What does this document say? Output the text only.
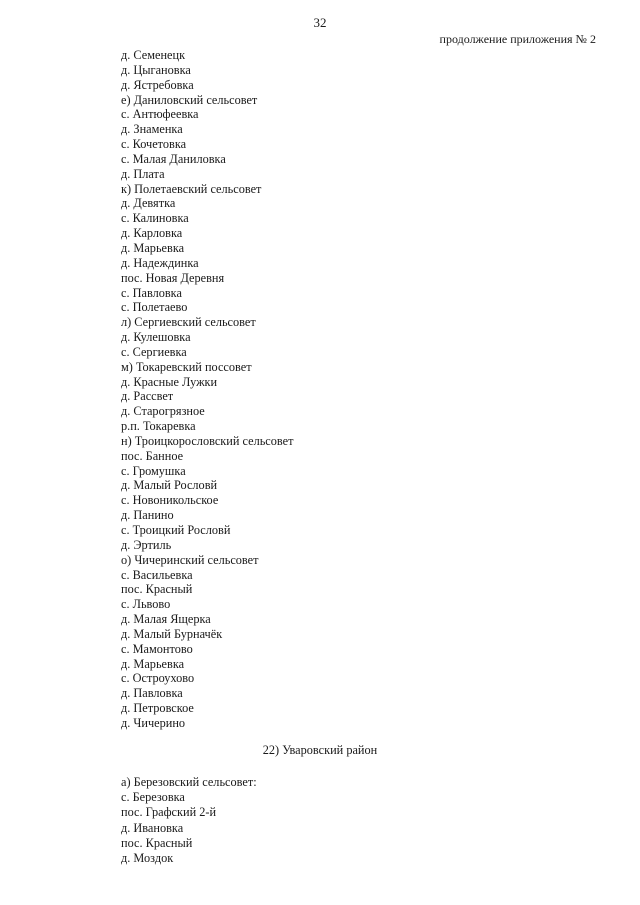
32
продолжение приложения № 2
д. Семенецк
д. Цыгановка
д. Ястребовка
е) Даниловский сельсовет
с. Антюфеевка
д. Знаменка
с. Кочетовка
с. Малая Даниловка
д. Плата
к) Полетаевский сельсовет
д. Девятка
с. Калиновка
д. Карловка
д. Марьевка
д. Надеждинка
пос. Новая Деревня
с. Павловка
с. Полетаево
л) Сергиевский сельсовет
д. Кулешовка
с. Сергиевка
м) Токаревский поссовет
д. Красные Лужки
д. Рассвет
д. Старогрязное
р.п. Токаревка
н) Троицкорословский сельсовет
пос. Банное
с. Громушка
д. Малый Рословй
с. Новоникольское
д. Панино
с. Троицкий Рословй
д. Эртиль
о) Чичеринский сельсовет
с. Васильевка
пос. Красный
с. Львово
д. Малая Ящерка
д. Малый Бурначёк
с. Мамонтово
д. Марьевка
с. Остроухово
д. Павловка
д. Петровское
д. Чичерино
22) Уваровский район
а) Березовский сельсовет:
с. Березовка
пос. Графский 2-й
д. Ивановка
пос. Красный
д. Моздок
